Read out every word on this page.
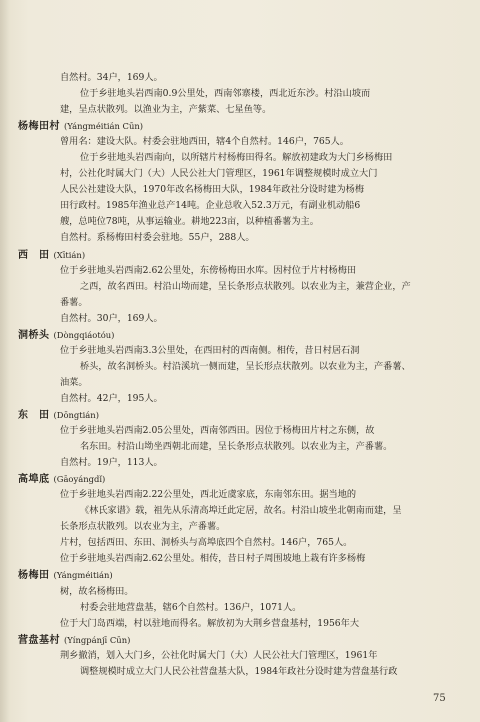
自然村。34户，169人。
位于乡驻地头岩西南0.9公里处，西南邻寨楼，西北近东沙。村沿山坡而
建，呈点状散列。以渔业为主，产紫菜、七星鱼等。
杨梅田村 (Yángméitián Cūn)
曾用名：建设大队。村委会驻地西田，辖4个自然村。146户，765人。
位于乡驻地头岩西南向，以所辖片村杨梅田得名。解放初建政为大门乡杨梅田
村，公社化时属大门（大）人民公社大门管理区，1961年调整规模时成立大门
人民公社建设大队，1970年改名杨梅田大队，1984年政社分设时建为杨梅
田行政村。1985年渔业总产14吨。企业总收入52.3万元，有副业机动船6
艘，总吨位78吨，从事运输业。耕地223亩，以种植番薯为主。
自然村。系杨梅田村委会驻地。55户，288人。
西　田 (Xītián)
位于乡驻地头岩西南2.62公里处，东傍杨梅田水库。因村位于片村杨梅田
之西，故名西田。村沿山坳而建，呈长条形点状散列。以农业为主，兼营企业，产
番薯。
自然村。30户，169人。
洞桥头 (Dòngqiáotóu)
位于乡驻地头岩西南3.3公里处，在西田村的西南侧。相传，昔日村居石洞
桥头，故名洞桥头。村沿溪坑一侧而建，呈长形点状散列。以农业为主，产番薯、
油菜。
自然村。42户，195人。
东　田 (Dōngtián)
位于乡驻地头岩西南2.05公里处，西南邻西田。因位于杨梅田片村之东侧，故
名东田。村沿山坳坐西朝北而建，呈长条形点状散列。以农业为主，产番薯。
自然村。19户，113人。
高埠底 (Gāoyángdǐ)
位于乡驻地头岩西南2.22公里处，西北近虞家底，东南邻东田。据当地的
《林氏家谱》载，祖先从乐清高埠迁此定居，故名。村沿山坡坐北朝南而建，呈
长条形点状散列。以农业为主，产番薯。
片村，包括西田、东田、洞桥头与高埠底四个自然村。146户，765人。
位于乡驻地头岩西南2.62公里处。相传，昔日村子周围坡地上栽有许多杨梅
杨梅田 (Yángméitián)
树，故名杨梅田。
村委会驻地营盘基，辖6个自然村。136户，1071人。
位于大门岛西端，村以驻地而得名。解放初为大荆乡营盘基村，1956年大
营盘基村 (Yíngpánjī Cūn)
荆乡撤消，划入大门乡，公社化时属大门（大）人民公社大门管理区，1961年
调整规模时成立大门人民公社营盘基大队，1984年政社分设时建为营盘基行政
75
